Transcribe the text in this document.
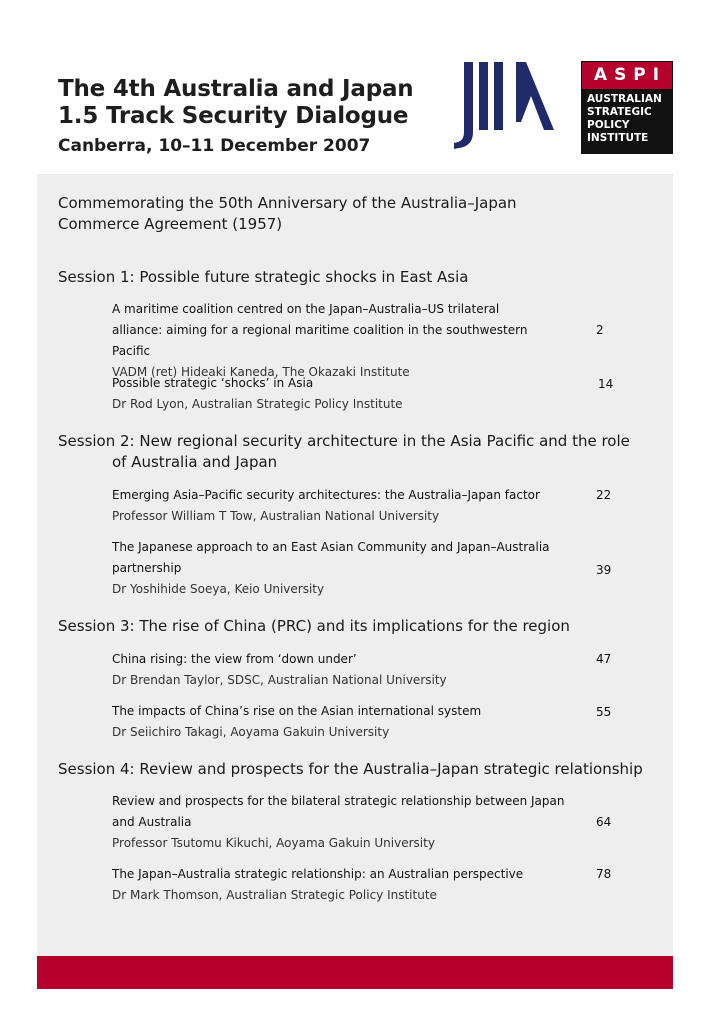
The 4th Australia and Japan
1.5 Track Security Dialogue
Canberra, 10–11 December 2007
ASPI
AUSTRALIAN
STRATEGIC
POLICY
INSTITUTE
Commemorating the 50th Anniversary of the Australia–Japan Commerce Agreement (1957)
Session 1: Possible future strategic shocks in East Asia
A maritime coalition centred on the Japan–Australia–US trilateral alliance: aiming for a regional maritime coalition in the southwestern Pacific
VADM (ret) Hideaki Kaneda, The Okazaki Institute
2
Possible strategic ‘shocks’ in Asia
Dr Rod Lyon, Australian Strategic Policy Institute
14
Session 2: New regional security architecture in the Asia Pacific and the role
of Australia and Japan
Emerging Asia–Pacific security architectures: the Australia–Japan factor
Professor William T Tow, Australian National University
22
The Japanese approach to an East Asian Community and Japan–Australia partnership
Dr Yoshihide Soeya, Keio University
39
Session 3: The rise of China (PRC) and its implications for the region
China rising: the view from ‘down under’
Dr Brendan Taylor, SDSC, Australian National University
47
The impacts of China’s rise on the Asian international system
Dr Seiichiro Takagi, Aoyama Gakuin University
55
Session 4: Review and prospects for the Australia–Japan strategic relationship
Review and prospects for the bilateral strategic relationship between Japan and Australia
Professor Tsutomu Kikuchi, Aoyama Gakuin University
64
The Japan–Australia strategic relationship: an Australian perspective
Dr Mark Thomson, Australian Strategic Policy Institute
78
